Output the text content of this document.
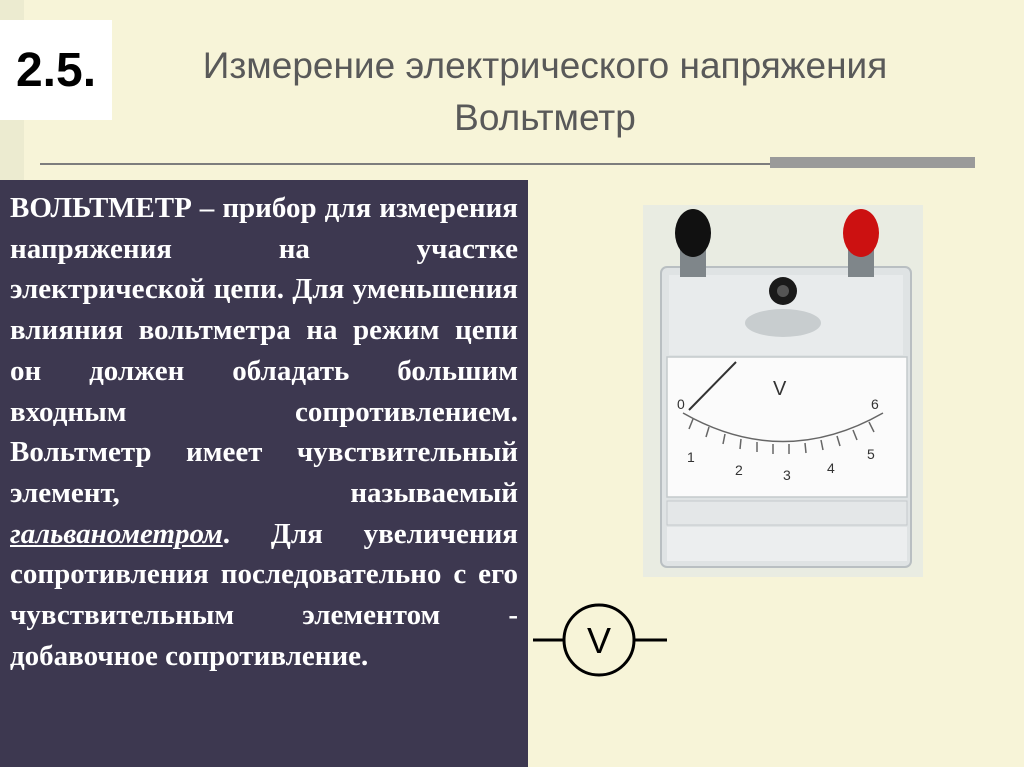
2.5.	Измерение электрического напряжения
Вольтметр

ВОЛЬТМЕТР – прибор для измерения напряжения на участке электрической цепи. Для уменьшения влияния вольтметра на режим цепи он должен обладать большим входным сопротивлением.

Вольтметр имеет чувствительный элемент, называемый гальванометром. Для увеличения сопротивления последовательно с его чувствительным элементом - добавочное сопротивление.

V
0	6
1
2	3	4
5
V
